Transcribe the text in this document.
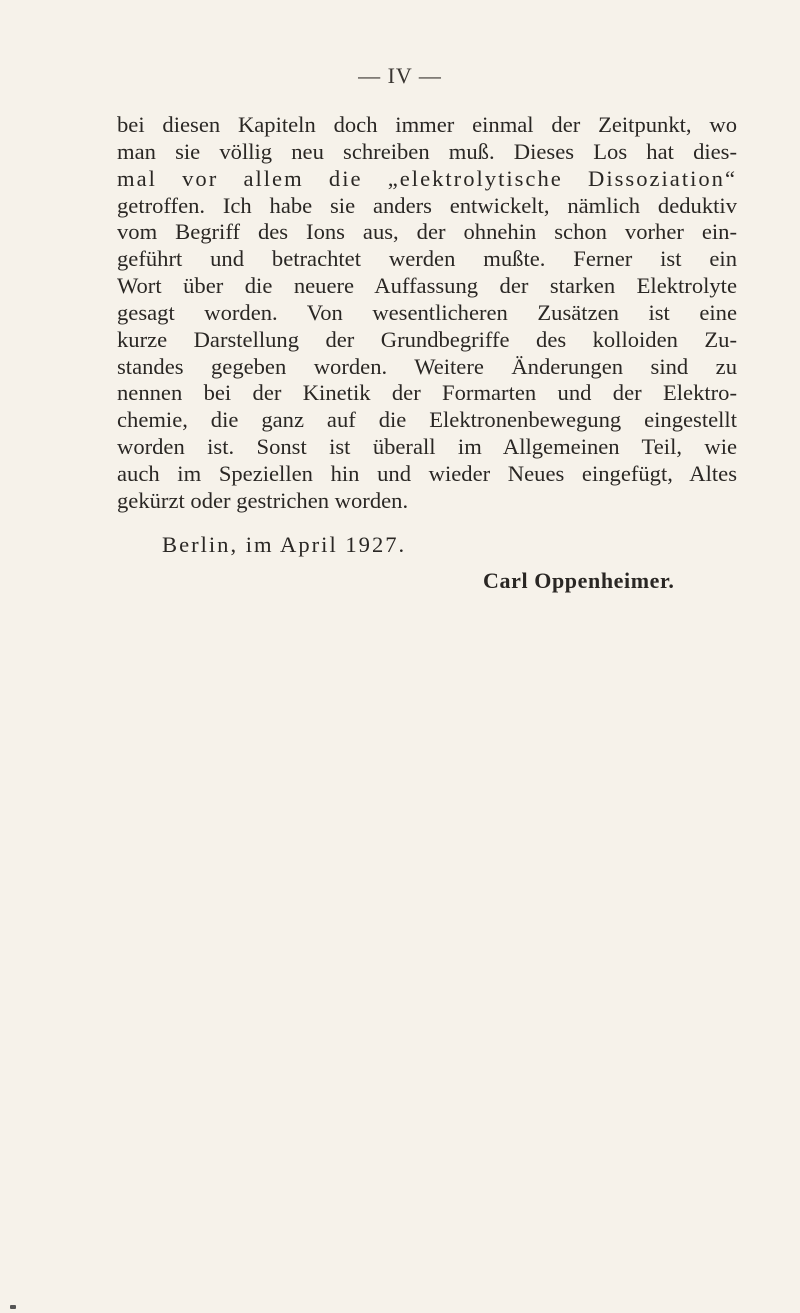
— IV —
bei diesen Kapiteln doch immer einmal der Zeitpunkt, wo
man sie völlig neu schreiben muß. Dieses Los hat dies-
mal vor allem die „elektrolytische Dissoziation“
getroffen. Ich habe sie anders entwickelt, nämlich deduktiv
vom Begriff des Ions aus, der ohnehin schon vorher ein-
geführt und betrachtet werden mußte. Ferner ist ein
Wort über die neuere Auffassung der starken Elektrolyte
gesagt worden. Von wesentlicheren Zusätzen ist eine
kurze Darstellung der Grundbegriffe des kolloiden Zu-
standes gegeben worden. Weitere Änderungen sind zu
nennen bei der Kinetik der Formarten und der Elektro-
chemie, die ganz auf die Elektronenbewegung eingestellt
worden ist. Sonst ist überall im Allgemeinen Teil, wie
auch im Speziellen hin und wieder Neues eingefügt, Altes
gekürzt oder gestrichen worden.
Berlin, im April 1927.
Carl Oppenheimer.
